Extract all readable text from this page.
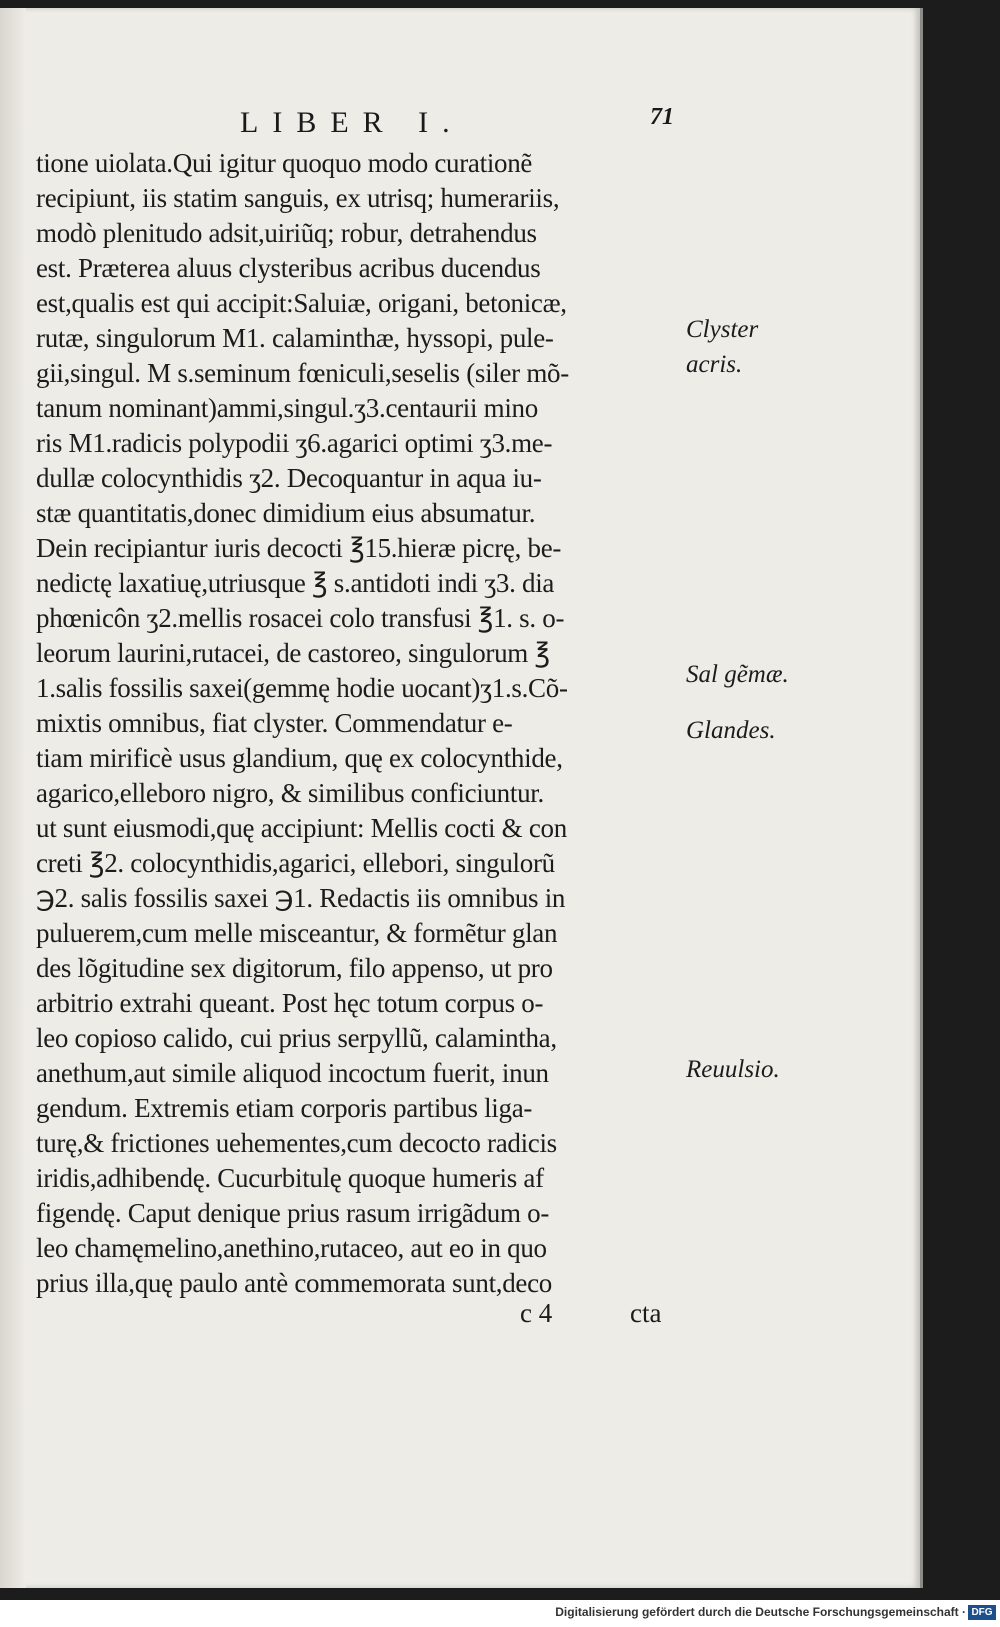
LIBER I.	71
tione uiolata.Qui igitur quoquo modo curationẽ
recipiunt, iis statim sanguis, ex utrisq; humerariis,
modò plenitudo adsit,uiriũq; robur, detrahendus
est. Præterea aluus clysteribus acribus ducendus
est,qualis est qui accipit:Saluiæ, origani, betonicæ,
rutæ, singulorum M1. calaminthæ, hyssopi, pule-
gii,singul. M s.seminum fœniculi,seselis (siler mõ-
tanum nominant)ammi,singul.ʒ3.centaurii mino
ris M1.radicis polypodii ʒ6.agarici optimi ʒ3.me-
dullæ colocynthidis ʒ2. Decoquantur in aqua iu-
stæ quantitatis,donec dimidium eius absumatur.
Dein recipiantur iuris decocti ℥15.hieræ picrę, be-
nedictę laxatiuę,utriusque ℥ s.antidoti indi ʒ3. dia
phœnicôn ʒ2.mellis rosacei colo transfusi ℥1. s. o-
leorum laurini,rutacei, de castoreo, singulorum ℥
1.salis fossilis saxei(gemmę hodie uocant)ʒ1.s.Cõ-
mixtis omnibus, fiat clyster. Commendatur e-
tiam mirificè usus glandium, quę ex colocynthide,
agarico,elleboro nigro, & similibus conficiuntur.
ut sunt eiusmodi,quę accipiunt: Mellis cocti & con
creti ℥2. colocynthidis,agarici, ellebori, singulorũ
℈2. salis fossilis saxei ℈1. Redactis iis omnibus in
puluerem,cum melle misceantur, & formẽtur glan
des lõgitudine sex digitorum, filo appenso, ut pro
arbitrio extrahi queant. Post hęc totum corpus o-
leo copioso calido, cui prius serpyllũ, calamintha,
anethum,aut simile aliquod incoctum fuerit, inun
gendum. Extremis etiam corporis partibus liga-
turę,& frictiones uehementes,cum decocto radicis
iridis,adhibendę. Cucurbitulę quoque humeris af
figendę. Caput denique prius rasum irrigãdum o-
leo chamęmelino,anethino,rutaceo, aut eo in quo
prius illa,quę paulo antè commemorata sunt,deco
Clyster
acris.
Sal gẽmæ.
Glandes.
Reuulsio.
c 4	cta
Digitalisierung gefördert durch die Deutsche Forschungsgemeinschaft · DFG
